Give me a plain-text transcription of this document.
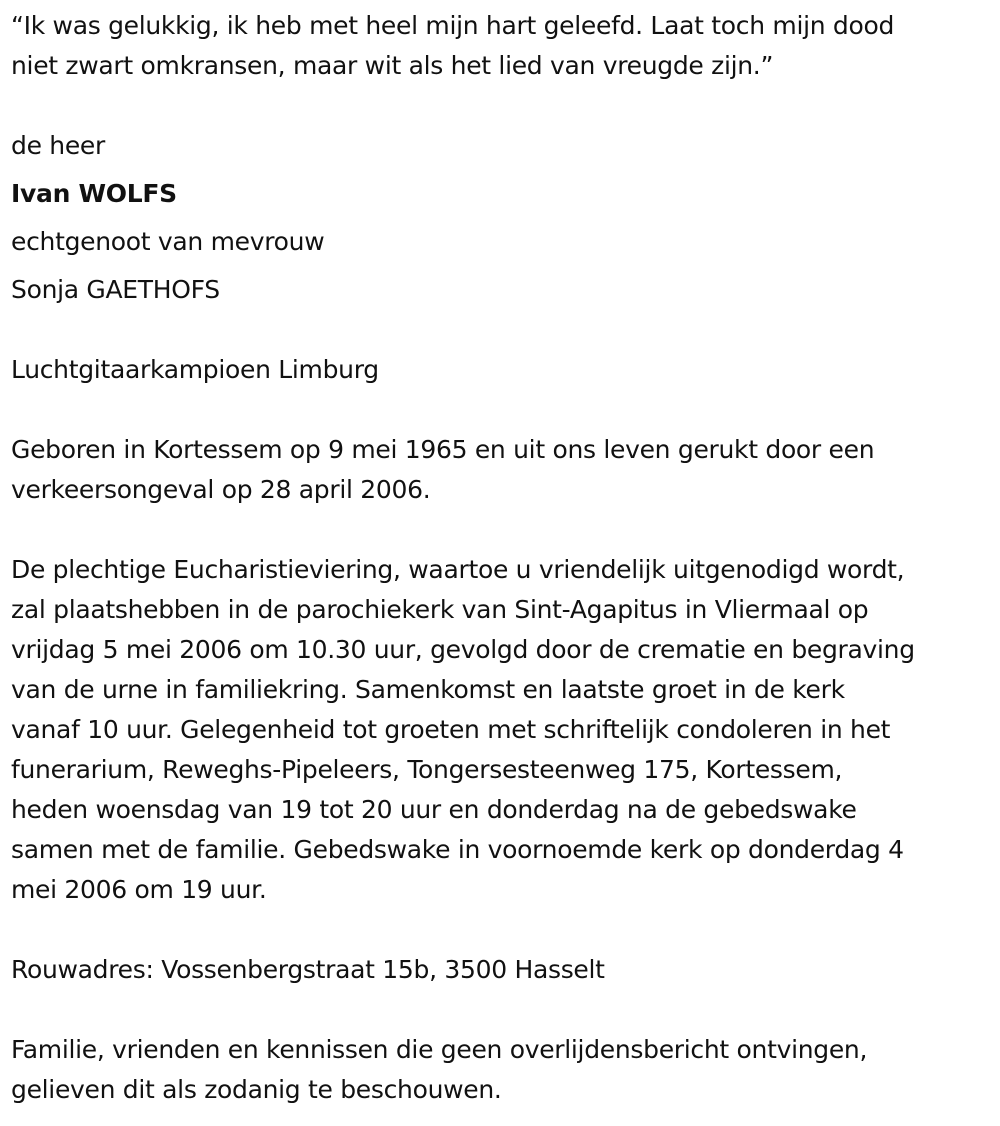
“Ik was gelukkig, ik heb met heel mijn hart geleefd. Laat toch mijn dood
niet zwart omkransen, maar wit als het lied van vreugde zijn.”
de heer
Ivan WOLFS
echtgenoot van mevrouw
Sonja GAETHOFS
Luchtgitaarkampioen Limburg
Geboren in Kortessem op 9 mei 1965 en uit ons leven gerukt door een
verkeersongeval op 28 april 2006.
De plechtige Eucharistieviering, waartoe u vriendelijk uitgenodigd wordt,
zal plaatshebben in de parochiekerk van Sint-Agapitus in Vliermaal op
vrijdag 5 mei 2006 om 10.30 uur, gevolgd door de crematie en begraving
van de urne in familiekring. Samenkomst en laatste groet in de kerk
vanaf 10 uur. Gelegenheid tot groeten met schriftelijk condoleren in het
funerarium, Reweghs-Pipeleers, Tongersesteenweg 175, Kortessem,
heden woensdag van 19 tot 20 uur en donderdag na de gebedswake
samen met de familie. Gebedswake in voornoemde kerk op donderdag 4
mei 2006 om 19 uur.
Rouwadres: Vossenbergstraat 15b, 3500 Hasselt
Familie, vrienden en kennissen die geen overlijdensbericht ontvingen,
gelieven dit als zodanig te beschouwen.
